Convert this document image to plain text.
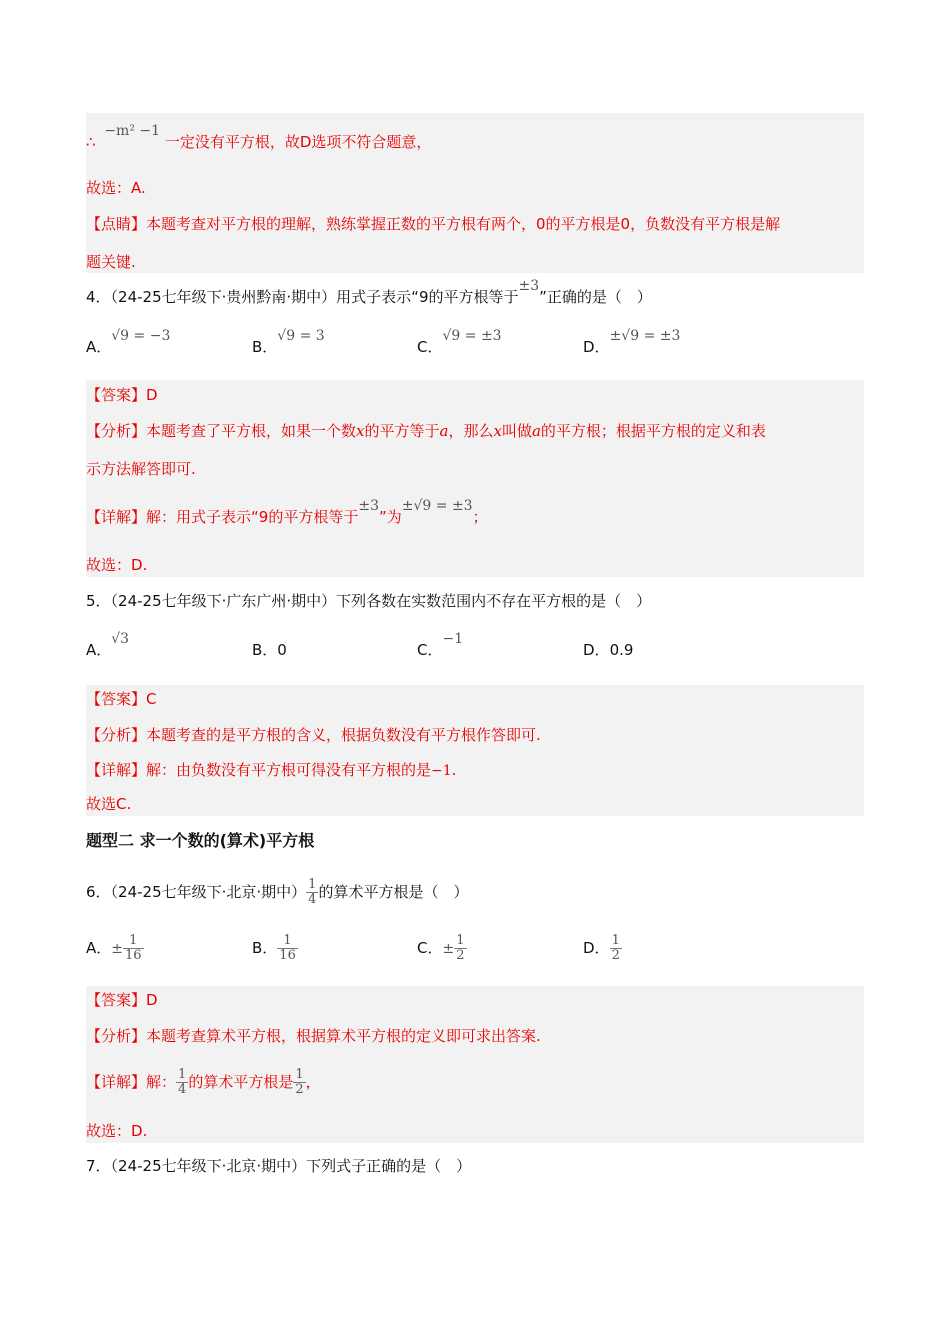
∴ −m² −1 一定没有平方根，故D选项不符合题意，
故选：A.
【点睛】本题考查对平方根的理解，熟练掌握正数的平方根有两个，0的平方根是0，负数没有平方根是解
题关键.
4．（24-25七年级下·贵州黔南·期中）用式子表示“9的平方根等于±3”正确的是（　）
A．√9 = −3
B．√9 = 3
C．√9 = ±3
D．±√9 = ±3
【答案】D
【分析】本题考查了平方根，如果一个数x的平方等于a，那么x叫做a的平方根；根据平方根的定义和表
示方法解答即可.
【详解】解：用式子表示“9的平方根等于±3”为±√9 = ±3；
故选：D.
5．（24-25七年级下·广东广州·期中）下列各数在实数范围内不存在平方根的是（　）
A．√3
B．0	C．−1
D．0.9
【答案】C
【分析】本题考查的是平方根的含义，根据负数没有平方根作答即可.
【详解】解：由负数没有平方根可得没有平方根的是−1.
故选C.
题型二 求一个数的(算术)平方根
6．（24-25七年级下·北京·期中） $\frac{1}{4}$ 的算术平方根是（　）
A．± $\frac{1}{16}$	B． $\frac{1}{16}$	C．± $\frac{1}{2}$	D． $\frac{1}{2}$
【答案】D
【分析】本题考查算术平方根，根据算术平方根的定义即可求出答案.
【详解】解： $\frac{1}{4}$ 的算术平方根是 $\frac{1}{2}$ ，
故选：D.
7．（24-25七年级下·北京·期中）下列式子正确的是（　）
